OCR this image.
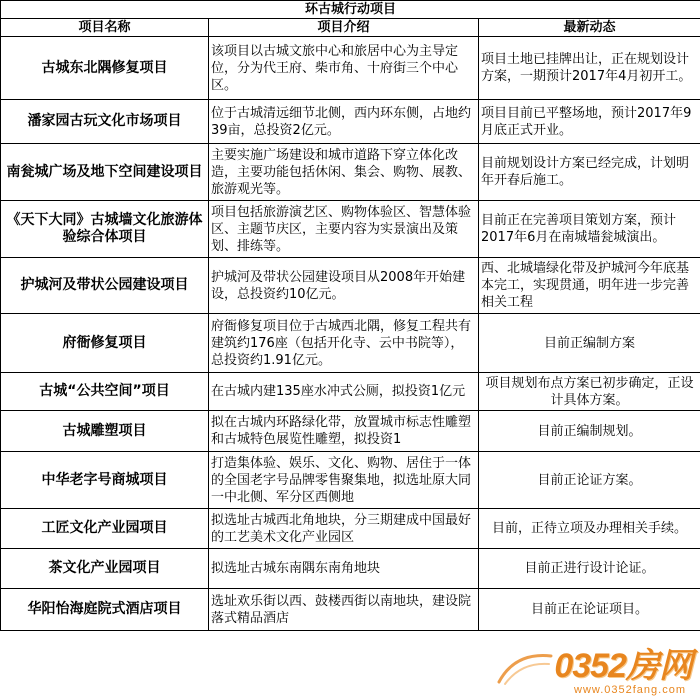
环古城行动项目		
项目名称	项目介绍	最新动态
古城东北隅修复项目	该项目以古城文旅中心和旅居中心为主导定位，分为代王府、柴市角、十府街三个中心区。	项目土地已挂牌出让，正在规划设计方案，一期预计2017年4月初开工。
潘家园古玩文化市场项目	位于古城清远细节北侧，西内环东侧，占地约39亩，总投资2亿元。	项目目前已平整场地，预计2017年9月底正式开业。
南瓮城广场及地下空间建设项目	主要实施广场建设和城市道路下穿立体化改造，主要功能包括休闲、集会、购物、展教、旅游观光等。	目前规划设计方案已经完成，计划明年开春后施工。
《天下大同》古城墙文化旅游体验综合体项目	项目包括旅游演艺区、购物体验区、智慧体验区、主题节庆区，主要内容为实景演出及策划、排练等。	目前正在完善项目策划方案，预计2017年6月在南城墙瓮城演出。
护城河及带状公园建设项目	护城河及带状公园建设项目从2008年开始建设，总投资约10亿元。	西、北城墙绿化带及护城河今年底基本完工，实现贯通，明年进一步完善相关工程
府衙修复项目	府衙修复项目位于古城西北隅，修复工程共有建筑约176座（包括开化寺、云中书院等），总投资约1.91亿元。	目前正编制方案
古城“公共空间”项目	在古城内建135座水冲式公厕，拟投资1亿元	项目规划布点方案已初步确定，正设计具体方案。
古城雕塑项目	拟在古城内环路绿化带，放置城市标志性雕塑和古城特色展览性雕塑，拟投资1	目前正编制规划。
中华老字号商城项目	打造集体验、娱乐、文化、购物、居住于一体的全国老字号品牌零售聚集地，拟选址原大同一中北侧、军分区西侧地	目前正论证方案。
工匠文化产业园项目	拟选址古城西北角地块，分三期建成中国最好的工艺美术文化产业园区	目前，正待立项及办理相关手续。
茶文化产业园项目	拟选址古城东南隅东南角地块	目前正进行设计论证。
华阳怡海庭院式酒店项目	选址欢乐街以西、鼓楼西街以南地块，建设院落式精品酒店	目前正在论证项目。
0352房网
www.0352fang.com
